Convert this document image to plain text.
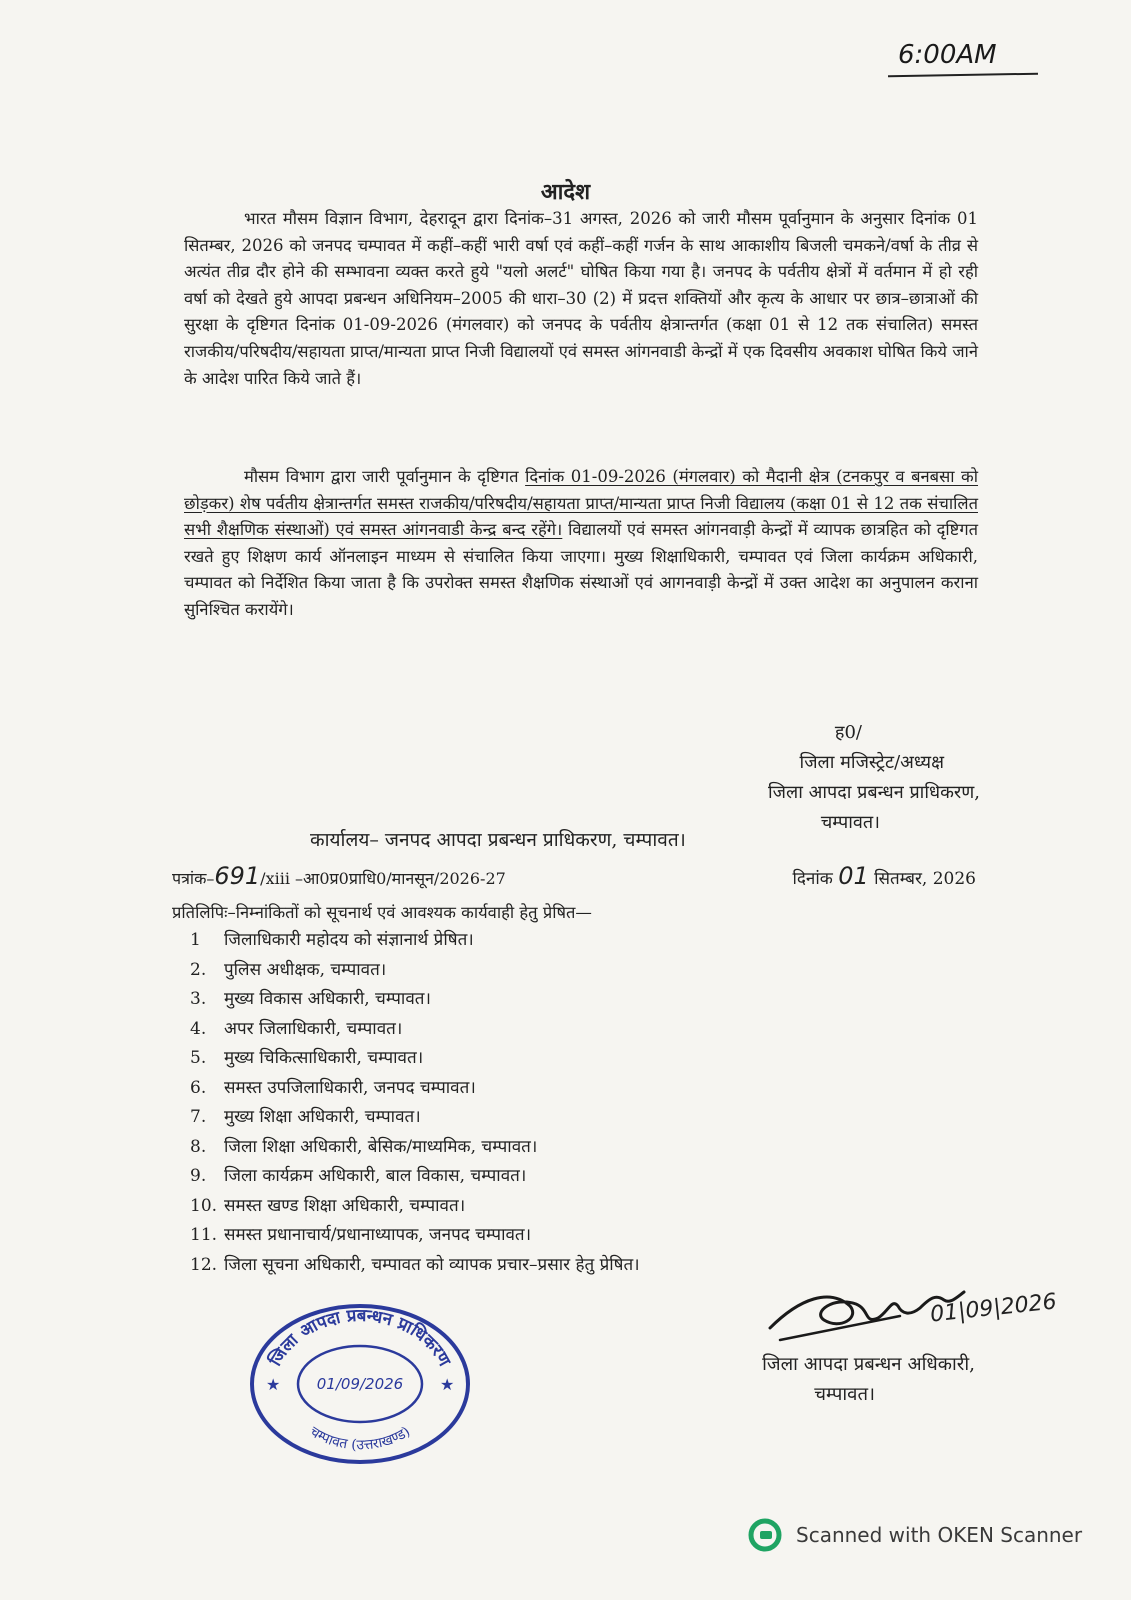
6:00AM
आदेश

भारत मौसम विज्ञान विभाग, देहरादून द्वारा दिनांक–31 अगस्त, 2026 को जारी मौसम पूर्वानुमान के अनुसार दिनांक 01 सितम्बर, 2026 को जनपद चम्पावत में कहीं–कहीं भारी वर्षा एवं कहीं–कहीं गर्जन के साथ आकाशीय बिजली चमकने/वर्षा के तीव्र से अत्यंत तीव्र दौर होने की सम्भावना व्यक्त करते हुये "यलो अलर्ट" घोषित किया गया है। जनपद के पर्वतीय क्षेत्रों में वर्तमान में हो रही वर्षा को देखते हुये आपदा प्रबन्धन अधिनियम–2005 की धारा–30 (2) में प्रदत्त शक्तियों और कृत्य के आधार पर छात्र–छात्राओं की सुरक्षा के दृष्टिगत दिनांक 01-09-2026 (मंगलवार) को जनपद के पर्वतीय क्षेत्रान्तर्गत (कक्षा 01 से 12 तक संचालित) समस्त राजकीय/परिषदीय/सहायता प्राप्त/मान्यता प्राप्त निजी विद्यालयों एवं समस्त आंगनवाडी केन्द्रों में एक दिवसीय अवकाश घोषित किये जाने के आदेश पारित किये जाते हैं।

मौसम विभाग द्वारा जारी पूर्वानुमान के दृष्टिगत दिनांक 01-09-2026 (मंगलवार) को मैदानी क्षेत्र (टनकपुर व बनबसा को छोड़कर) शेष पर्वतीय क्षेत्रान्तर्गत समस्त राजकीय/परिषदीय/सहायता प्राप्त/मान्यता प्राप्त निजी विद्यालय (कक्षा 01 से 12 तक संचालित सभी शैक्षणिक संस्थाओं) एवं समस्त आंगनवाडी केन्द्र बन्द रहेंगे। विद्यालयों एवं समस्त आंगनवाड़ी केन्द्रों में व्यापक छात्रहित को दृष्टिगत रखते हुए शिक्षण कार्य ऑनलाइन माध्यम से संचालित किया जाएगा। मुख्य शिक्षाधिकारी, चम्पावत एवं जिला कार्यक्रम अधिकारी, चम्पावत को निर्देशित किया जाता है कि उपरोक्त समस्त शैक्षणिक संस्थाओं एवं आगनवाड़ी केन्द्रों में उक्त आदेश का अनुपालन कराना सुनिश्चित करायेंगे।

ह0/
जिला मजिस्ट्रेट/अध्यक्ष
जिला आपदा प्रबन्धन प्राधिकरण,
चम्पावत।
कार्यालय– जनपद आपदा प्रबन्धन प्राधिकरण, चम्पावत।
पत्रांक–691/xiii –आ0प्र0प्राधि0/मानसून/2026-27	दिनांक 01 सितम्बर, 2026
प्रतिलिपिः–निम्नांकितों को सूचनार्थ एवं आवश्यक कार्यवाही हेतु प्रेषित—
1 जिलाधिकारी महोदय को संज्ञानार्थ प्रेषित।
2. पुलिस अधीक्षक, चम्पावत।
3. मुख्य विकास अधिकारी, चम्पावत।
4. अपर जिलाधिकारी, चम्पावत।
5. मुख्य चिकित्साधिकारी, चम्पावत।
6. समस्त उपजिलाधिकारी, जनपद चम्पावत।
7. मुख्य शिक्षा अधिकारी, चम्पावत।
8. जिला शिक्षा अधिकारी, बेसिक/माध्यमिक, चम्पावत।
9. जिला कार्यक्रम अधिकारी, बाल विकास, चम्पावत।
10. समस्त खण्ड शिक्षा अधिकारी, चम्पावत।
11. समस्त प्रधानाचार्य/प्रधानाध्यापक, जनपद चम्पावत।
12. जिला सूचना अधिकारी, चम्पावत को व्यापक प्रचार–प्रसार हेतु प्रेषित।
जिला आपदा प्रबन्धन प्राधिकरण
चम्पावत (उत्तराखण्ड)
01/09/2026
★	★
01|09|2026
जिला आपदा प्रबन्धन अधिकारी,
चम्पावत।
Scanned with OKEN Scanner
